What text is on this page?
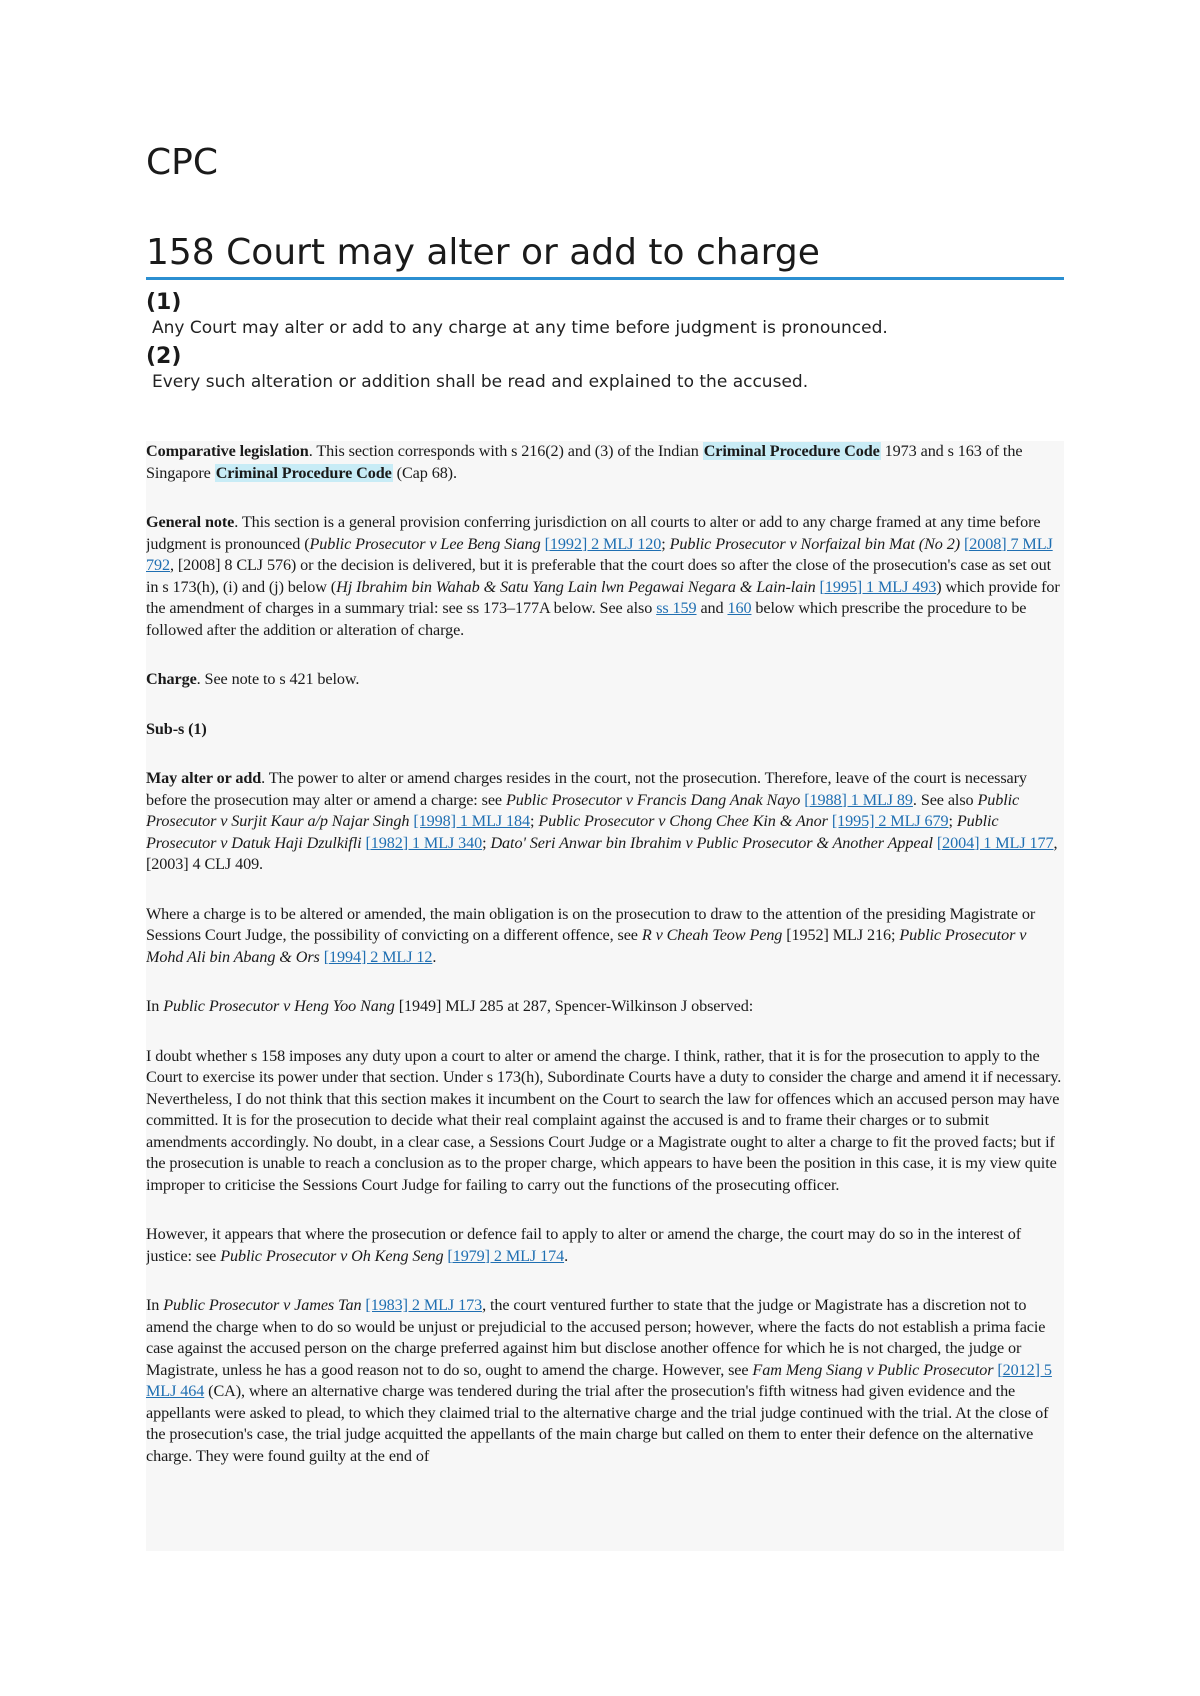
CPC
158 Court may alter or add to charge
(1)
Any Court may alter or add to any charge at any time before judgment is pronounced.
(2)
Every such alteration or addition shall be read and explained to the accused.

Comparative legislation. This section corresponds with s 216(2) and (3) of the Indian Criminal Procedure Code 1973 and s 163 of the Singapore Criminal Procedure Code (Cap 68).

General note. This section is a general provision conferring jurisdiction on all courts to alter or add to any charge framed at any time before judgment is pronounced (Public Prosecutor v Lee Beng Siang [1992] 2 MLJ 120; Public Prosecutor v Norfaizal bin Mat (No 2) [2008] 7 MLJ 792, [2008] 8 CLJ 576) or the decision is delivered, but it is preferable that the court does so after the close of the prosecution's case as set out in s 173(h), (i) and (j) below (Hj Ibrahim bin Wahab & Satu Yang Lain lwn Pegawai Negara & Lain-lain [1995] 1 MLJ 493) which provide for the amendment of charges in a summary trial: see ss 173–177A below. See also ss 159 and 160 below which prescribe the procedure to be followed after the addition or alteration of charge.

Charge. See note to s 421 below.

Sub-s (1)

May alter or add. The power to alter or amend charges resides in the court, not the prosecution. Therefore, leave of the court is necessary before the prosecution may alter or amend a charge: see Public Prosecutor v Francis Dang Anak Nayo [1988] 1 MLJ 89. See also Public Prosecutor v Surjit Kaur a/p Najar Singh [1998] 1 MLJ 184; Public Prosecutor v Chong Chee Kin & Anor [1995] 2 MLJ 679; Public Prosecutor v Datuk Haji Dzulkifli [1982] 1 MLJ 340; Dato' Seri Anwar bin Ibrahim v Public Prosecutor & Another Appeal [2004] 1 MLJ 177, [2003] 4 CLJ 409.

Where a charge is to be altered or amended, the main obligation is on the prosecution to draw to the attention of the presiding Magistrate or Sessions Court Judge, the possibility of convicting on a different offence, see R v Cheah Teow Peng [1952] MLJ 216; Public Prosecutor v Mohd Ali bin Abang & Ors [1994] 2 MLJ 12.

In Public Prosecutor v Heng Yoo Nang [1949] MLJ 285 at 287, Spencer-Wilkinson J observed:

I doubt whether s 158 imposes any duty upon a court to alter or amend the charge. I think, rather, that it is for the prosecution to apply to the Court to exercise its power under that section. Under s 173(h), Subordinate Courts have a duty to consider the charge and amend it if necessary. Nevertheless, I do not think that this section makes it incumbent on the Court to search the law for offences which an accused person may have committed. It is for the prosecution to decide what their real complaint against the accused is and to frame their charges or to submit amendments accordingly. No doubt, in a clear case, a Sessions Court Judge or a Magistrate ought to alter a charge to fit the proved facts; but if the prosecution is unable to reach a conclusion as to the proper charge, which appears to have been the position in this case, it is my view quite improper to criticise the Sessions Court Judge for failing to carry out the functions of the prosecuting officer.

However, it appears that where the prosecution or defence fail to apply to alter or amend the charge, the court may do so in the interest of justice: see Public Prosecutor v Oh Keng Seng [1979] 2 MLJ 174.

In Public Prosecutor v James Tan [1983] 2 MLJ 173, the court ventured further to state that the judge or Magistrate has a discretion not to amend the charge when to do so would be unjust or prejudicial to the accused person; however, where the facts do not establish a prima facie case against the accused person on the charge preferred against him but disclose another offence for which he is not charged, the judge or Magistrate, unless he has a good reason not to do so, ought to amend the charge. However, see Fam Meng Siang v Public Prosecutor [2012] 5 MLJ 464 (CA), where an alternative charge was tendered during the trial after the prosecution's fifth witness had given evidence and the appellants were asked to plead, to which they claimed trial to the alternative charge and the trial judge continued with the trial. At the close of the prosecution's case, the trial judge acquitted the appellants of the main charge but called on them to enter their defence on the alternative charge. They were found guilty at the end of
